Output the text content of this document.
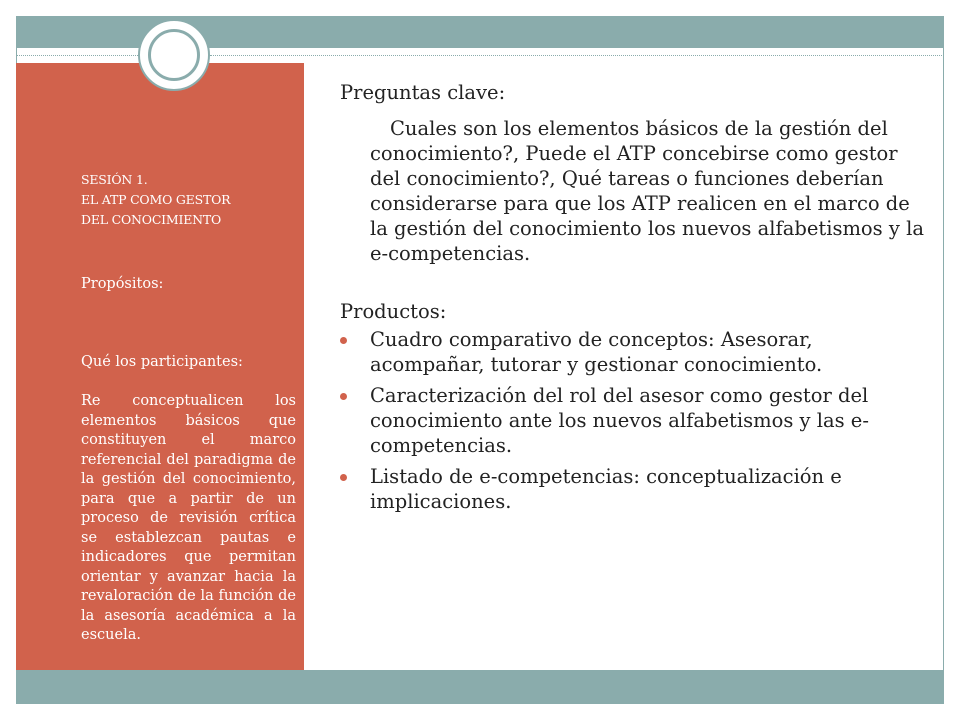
SESIÓN 1.
EL ATP COMO GESTOR
DEL CONOCIMIENTO
Propósitos:
Qué los participantes:
Re conceptualicen los elementos básicos que constituyen el marco referencial del paradigma de la gestión del conocimiento, para que a partir de un proceso de revisión crítica se establezcan pautas e indicadores que permitan orientar y avanzar hacia la revaloración de la función de la asesoría académica a la escuela.

Preguntas clave:

Cuales son los elementos básicos de la gestión del conocimiento?, Puede el ATP concebirse como gestor del conocimiento?, Qué tareas o funciones deberían considerarse para que los ATP realicen en el marco de la gestión del conocimiento los nuevos alfabetismos y la e-competencias.

Productos:

Cuadro comparativo de conceptos: Asesorar, acompañar, tutorar y gestionar conocimiento.
Caracterización del rol del asesor como gestor del conocimiento ante los nuevos alfabetismos y las e-competencias.
Listado de e-competencias: conceptualización e implicaciones.
